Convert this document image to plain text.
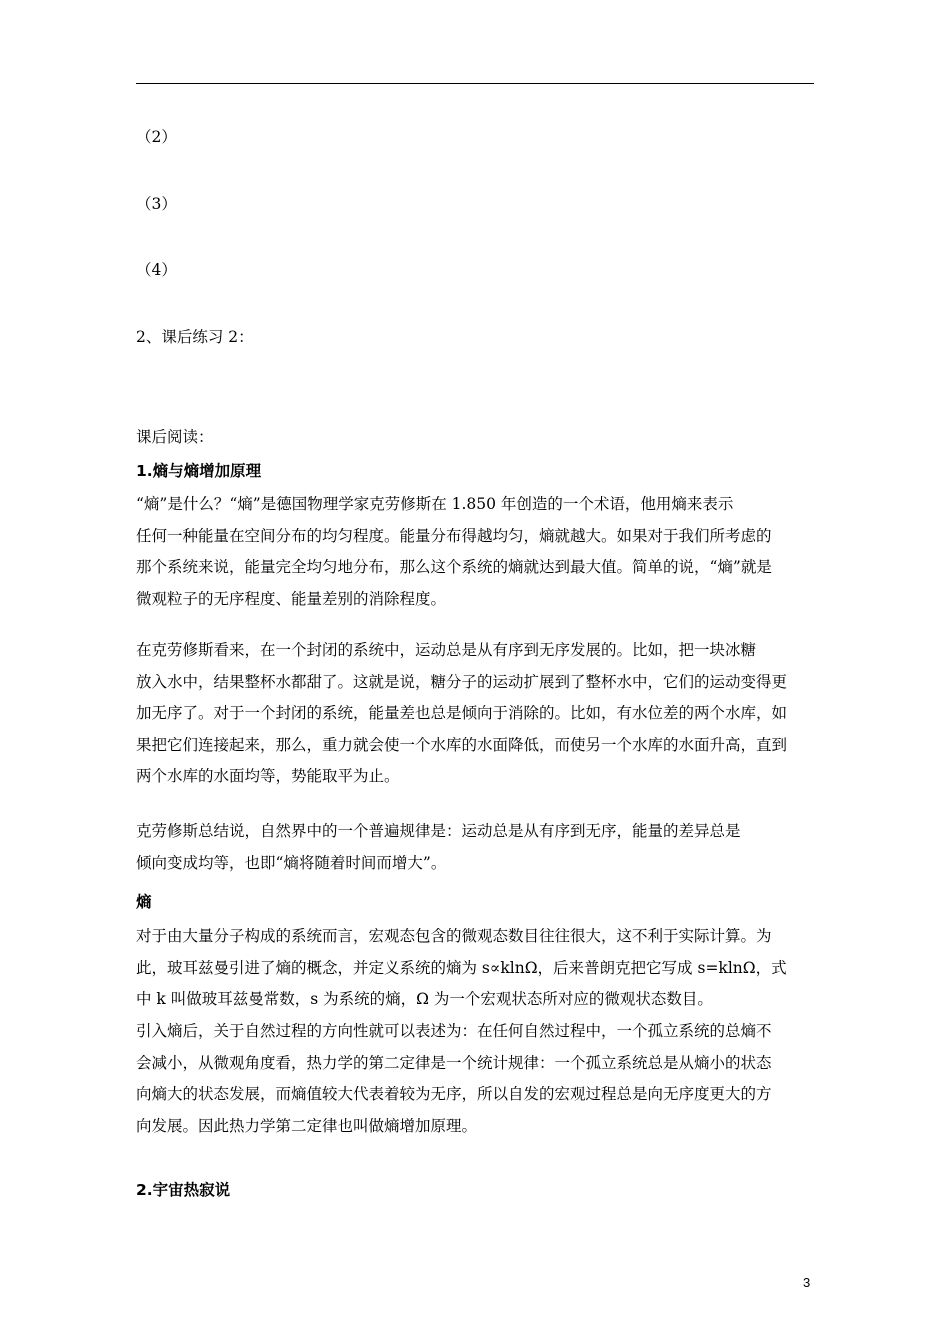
（2）
（3）
（4）
2、课后练习 2：
课后阅读：
1.熵与熵增加原理
“熵”是什么？“熵”是德国物理学家克劳修斯在 1.850 年创造的一个术语，他用熵来表示
任何一种能量在空间分布的均匀程度。能量分布得越均匀，熵就越大。如果对于我们所考虑的
那个系统来说，能量完全均匀地分布，那么这个系统的熵就达到最大值。简单的说，“熵”就是
微观粒子的无序程度、能量差别的消除程度。
在克劳修斯看来，在一个封闭的系统中，运动总是从有序到无序发展的。比如，把一块冰糖
放入水中，结果整杯水都甜了。这就是说，糖分子的运动扩展到了整杯水中，它们的运动变得更
加无序了。对于一个封闭的系统，能量差也总是倾向于消除的。比如，有水位差的两个水库，如
果把它们连接起来，那么，重力就会使一个水库的水面降低，而使另一个水库的水面升高，直到
两个水库的水面均等，势能取平为止。
克劳修斯总结说，自然界中的一个普遍规律是：运动总是从有序到无序，能量的差异总是
倾向变成均等，也即“熵将随着时间而增大”。
熵
对于由大量分子构成的系统而言，宏观态包含的微观态数目往往很大，这不利于实际计算。为
此，玻耳兹曼引进了熵的概念，并定义系统的熵为 s∝klnΩ，后来普朗克把它写成 s=klnΩ，式
中 k 叫做玻耳兹曼常数，s 为系统的熵，Ω 为一个宏观状态所对应的微观状态数目。
引入熵后，关于自然过程的方向性就可以表述为：在任何自然过程中，一个孤立系统的总熵不
会减小，从微观角度看，热力学的第二定律是一个统计规律：一个孤立系统总是从熵小的状态
向熵大的状态发展，而熵值较大代表着较为无序，所以自发的宏观过程总是向无序度更大的方
向发展。因此热力学第二定律也叫做熵增加原理。
2.宇宙热寂说
3
